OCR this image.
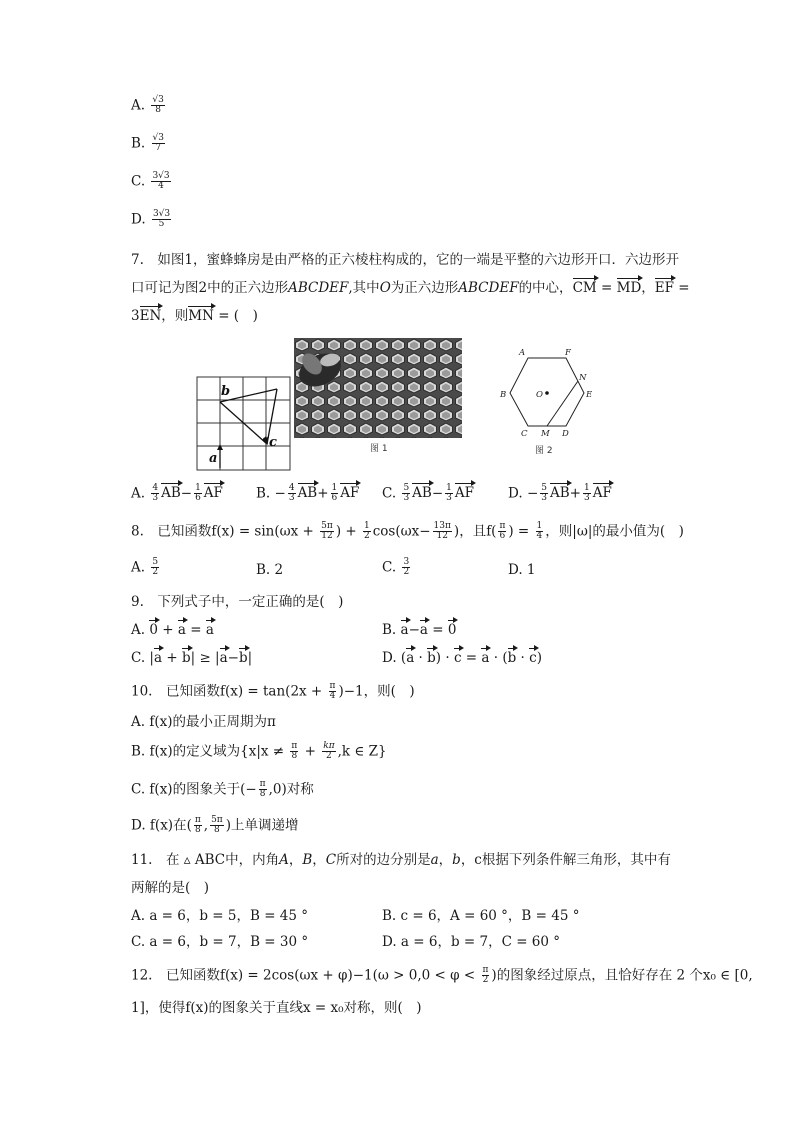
A. $\frac{√3}{8}$
B. $\frac{√3}{7}$
C. $\frac{3√3}{4}$
D. $\frac{3√3}{5}$
7.　如图1，蜜蜂蜂房是由严格的正六棱柱构成的，它的一端是平整的六边形开口．六边形开
口可记为图2中的正六边形ABCDEF,其中O为正六边形ABCDEF的中心，CM = MD，EF =
3EN，则MN = (　)
a
b
c	图 1
A	F
B	O
N
E
C M D
图 2
A. $\frac{4}{3} AB- \frac{1}{6}$ AF B. − $\frac{4}{3} AB+ \frac{1}{6}$ AF C. $\frac{5}{3} AB- \frac{1}{3}$ AF	D. − $\frac{5}{3} AB+ \frac{1}{3}$ AF
8.　已知函数$f(x) = \sin(\omega x + \frac{5\pi}{12}$ ) + $\frac{1}{2} \cos(\omega x- \frac{13\pi}{12}$ )，且$f( \frac{\pi}{6}$ ) = $\frac{1}{4}$ ，则|ω|的最小值为(　)
A. $\frac{5}{2}$	B. 2	C. $\frac{3}{2}$	D. 1
9.　下列式子中，一定正确的是(　)
A. 0 + a = a	B. a−a = 0
C. |a + b| ≥ |a−b|	D. (a · b) · c = a · (b · c)
10.　已知函数$f(x) = \tan(2x + \frac{\pi}{4} )-1$，则(　)
A. f(x)的最小正周期为π
B. f(x)的定义域为{$x|x \ne \frac{\pi}{8} + \frac{k\pi}{2} ,k$ ∈ Z}
C. f(x)的图象关于(− $\frac{\pi}{8} ,0$)对称
D. f(x)在( $\frac{\pi}{8}$ , $\frac{5\pi}{8}$ )上单调递增
11.　在 ▵ ABC中，内角A，B，C所对的边分别是a，b，c根据下列条件解三角形，其中有
两解的是(　)
A. a = 6，b = 5，B = 45 °	B. c = 6，A = 60 °，B = 45 °
C. a = 6，b = 7，B = 30 °	D. a = 6，b = 7，C = 60 °
12.　已知函数$f(x) = 2\cos(\omega x + \varphi)-1(\omega > 0,0 < \varphi < \frac{\pi}{2}$ )的图象经过原点，且恰好存在 2 个x₀ ∈ [0,
1]，使得f(x)的图象关于直线x = x₀对称，则(　)
